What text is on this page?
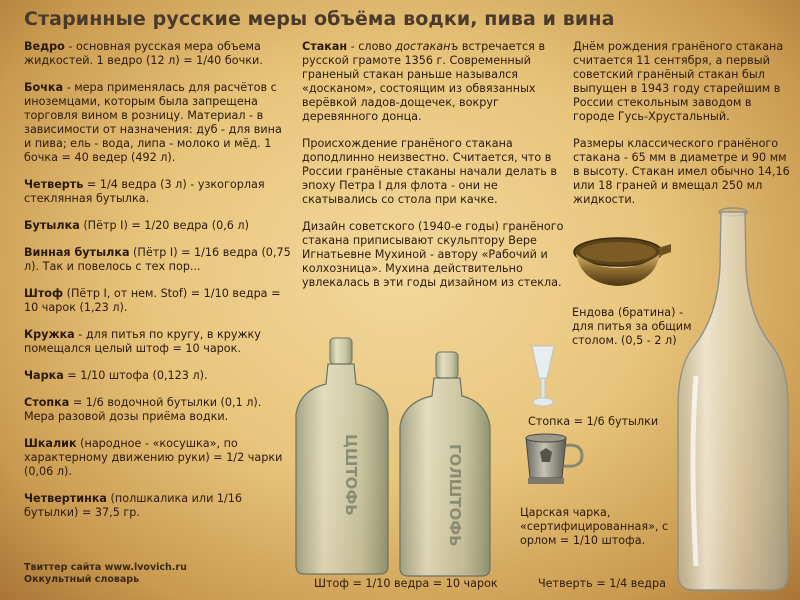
Старинные русские меры объёма водки, пива и вина

Ведро - основная русская мера объема жидкостей. 1 ведро (12 л) = 1/40 бочки.

Бочка - мера применялась для расчётов с иноземцами, которым была запрещена торговля вином в розницу. Материал - в зависимости от назначения: дуб - для вина и пива; ель - вода, липа - молоко и мёд. 1 бочка = 40 ведер (492 л).

Четверть = 1/4 ведра (3 л) - узкогорлая стеклянная бутылка.

Бутылка (Пётр I) = 1/20 ведра (0,6 л)

Винная бутылка (Пётр I) = 1/16 ведра (0,75 л). Так и повелось с тех пор...

Штоф (Пётр I, от нем. Stof) = 1/10 ведра = 10 чарок (1,23 л).

Кружка - для питья по кругу, в кружку помещался целый штоф = 10 чарок.

Чарка = 1/10 штофа (0,123 л).

Стопка = 1/6 водочной бутылки (0,1 л). Мера разовой дозы приёма водки.

Шкалик (народное - «косушка», по характерному движению руки) = 1/2 чарки (0,06 л).

Четвертинка (полшкалика или 1/16 бутылки) = 37,5 гр.

Стакан - слово достаканъ встречается в русской грамоте 1356 г. Современный граненый стакан раньше назывался «досканом», состоящим из обвязанных верёвкой ладов-дощечек, вокруг деревянного донца.

Происхождение гранёного стакана доподлинно неизвестно. Считается, что в России гранёные стаканы начали делать в эпоху Петра I для флота - они не скатывались со стола при качке.

Дизайн советского (1940-е годы) гранёного стакана приписывают скульптору Вере Игнатьевне Мухиной - автору «Рабочий и колхозница». Мухина действительно увлекалась в эти годы дизайном из стекла.

Днём рождения гранёного стакана считается 11 сентября, а первый советский гранёный стакан был выпущен в 1943 году старейшим в России стекольным заводом в городе Гусь-Хрустальный.

Размеры классического гранёного стакана - 65 мм в диаметре и 90 мм в высоту. Стакан имел обычно 14,16 или 18 граней и вмещал 250 мл жидкости.

Ендова (братина) - для питья за общим столом. (0,5 - 2 л)
Стопка = 1/6 бутылки
Царская чарка, «сертифицированная», с орлом = 1/10 штофа.
ЦШТОФЬ	ГОЛШТОФЬ
Штоф = 1/10 ведра = 10 чарок	Четверть = 1/4 ведра
Твиттер сайта www.lvovich.ru
Оккультный словарь
